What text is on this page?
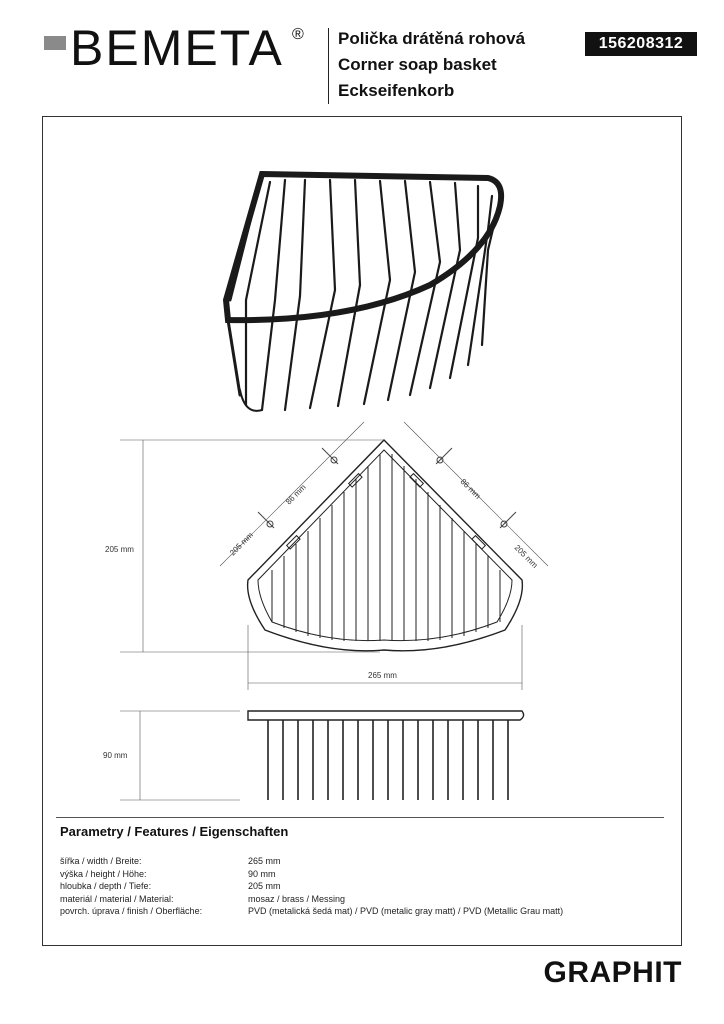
BEMETA ® Polička drátěná rohová
Corner soap basket
Eckseifenkorb
156208312
205 mm
265 mm
90 mm
205 mm
86 mm	86 mm
205 mm
Parametry / Features / Eigenschaften
šířka / width / Breite:	265 mm
výška / height / Höhe:	90 mm
hloubka / depth / Tiefe:	205 mm
materiál / material / Material:	mosaz / brass / Messing
povrch. úprava / finish / Oberfläche:	PVD (metalická šedá mat) / PVD (metalic gray matt) / PVD (Metallic Grau matt)
GRAPHIT
